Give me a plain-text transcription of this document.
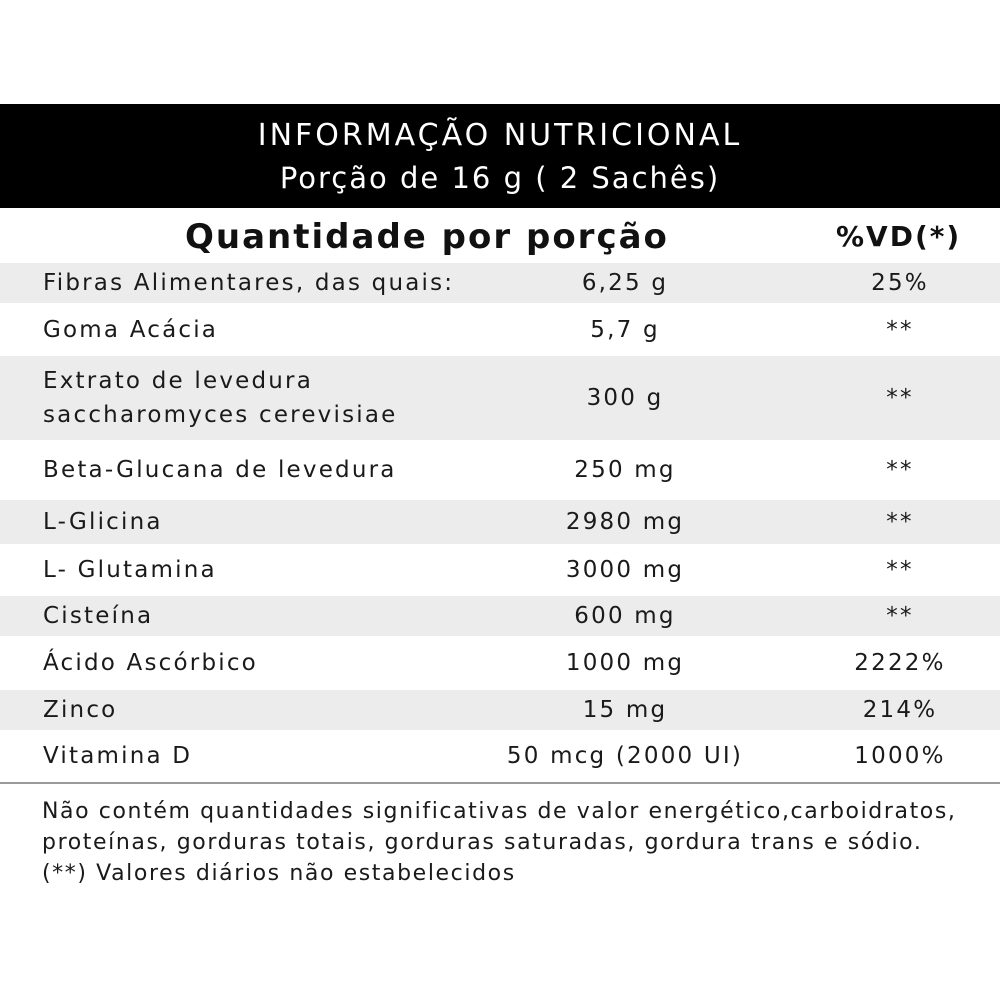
INFORMAÇÃO NUTRICIONAL
Porção de 16 g ( 2 Sachês)
Quantidade por porção	%VD(*)
Fibras Alimentares, das quais:	6,25 g	25%
Goma Acácia	5,7 g	**
Extrato de levedura
saccharomyces cerevisiae
300 g	**
Beta-Glucana de levedura	250 mg	**
L-Glicina	2980 mg	**
L- Glutamina	3000 mg	**
Cisteína	600 mg	**
Ácido Ascórbico	1000 mg	2222%
Zinco	15 mg	214%
Vitamina D	50 mcg (2000 UI)	1000%
Não contém quantidades significativas de valor energético,carboidratos,
proteínas, gorduras totais, gorduras saturadas, gordura trans e sódio.
(**) Valores diários não estabelecidos
